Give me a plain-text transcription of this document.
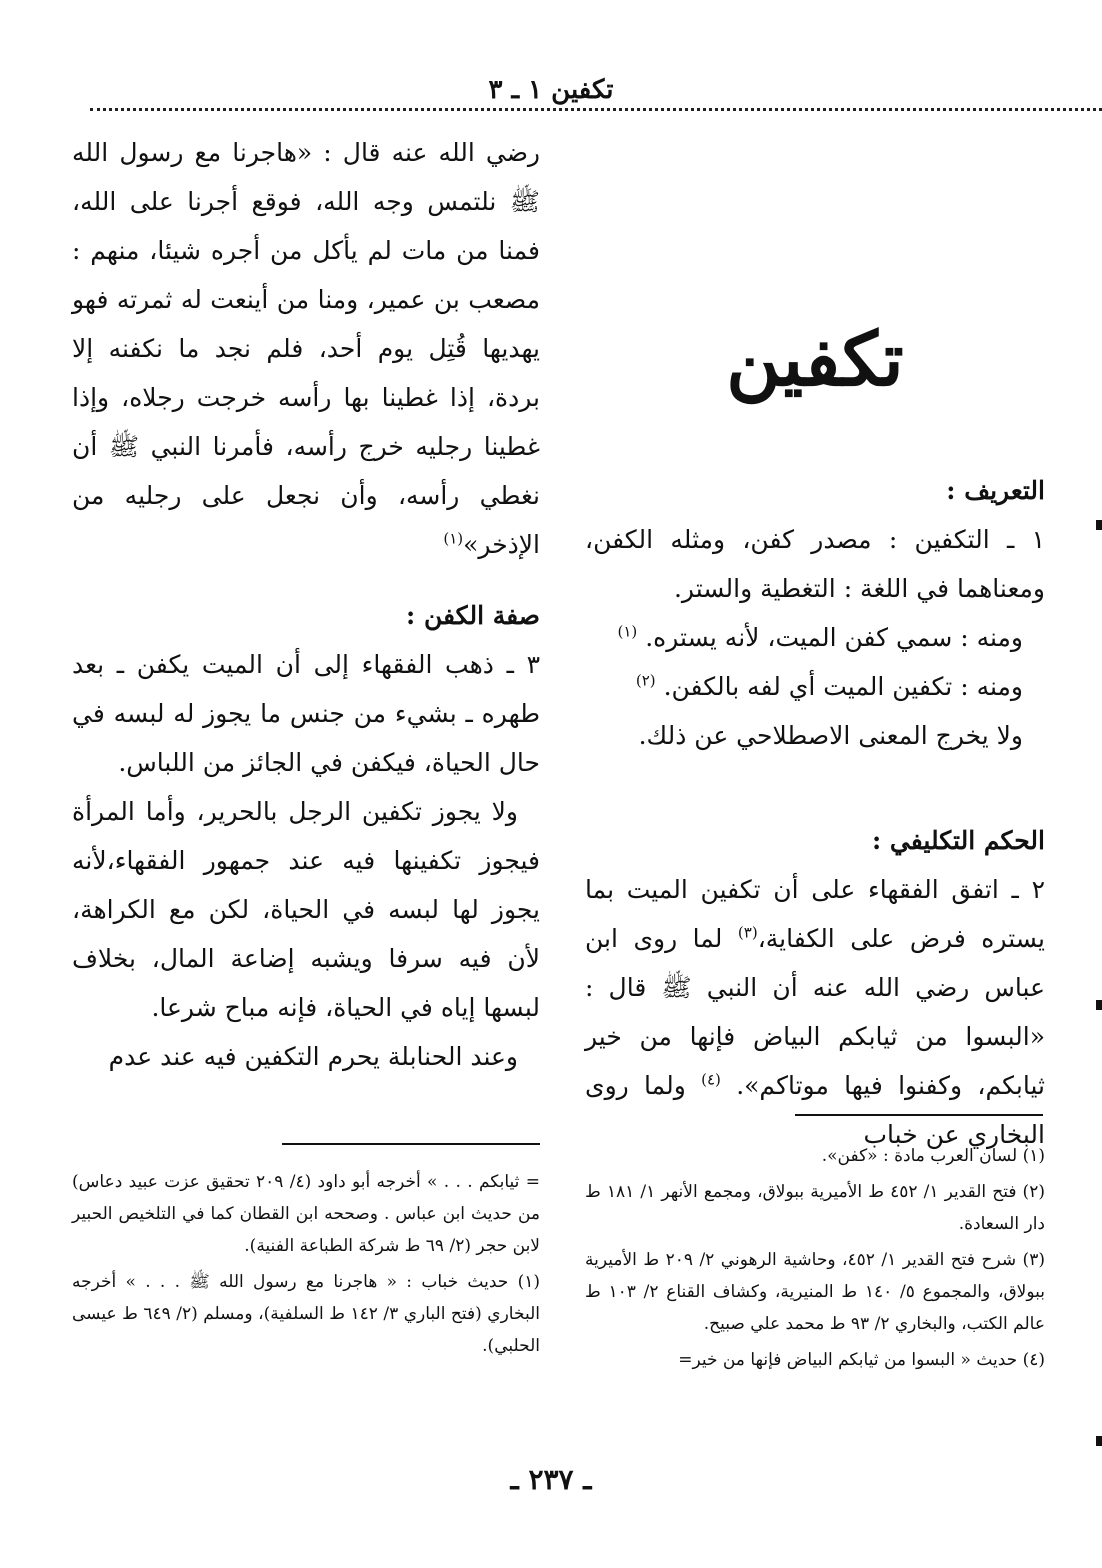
تكفين ١ ـ ٣
تكفين
التعريف :

١ ـ التكفين : مصدر كفن، ومثله الكفن، ومعناهما في اللغة : التغطية والستر.

ومنه : سمي كفن الميت، لأنه يستره. $^{(١)}$

ومنه : تكفين الميت أي لفه بالكفن. $^{(٢)}$

ولا يخرج المعنى الاصطلاحي عن ذلك.

الحكم التكليفي :

٢ ـ اتفق الفقهاء على أن تكفين الميت بما يستره فرض على الكفاية،$^{(٣)}$ لما روى ابن عباس رضي الله عنه أن النبي ﷺ قال : «البسوا من ثيابكم البياض فإنها من خير ثيابكم، وكفنوا فيها موتاكم». $^{(٤)}$ ولما روى البخاري عن خباب

رضي الله عنه قال : «هاجرنا مع رسول الله ﷺ نلتمس وجه الله، فوقع أجرنا على الله، فمنا من مات لم يأكل من أجره شيئا، منهم : مصعب بن عمير، ومنا من أينعت له ثمرته فهو يهديها قُتِل يوم أحد، فلم نجد ما نكفنه إلا بردة، إذا غطينا بها رأسه خرجت رجلاه، وإذا غطينا رجليه خرج رأسه، فأمرنا النبي ﷺ أن نغطي رأسه، وأن نجعل على رجليه من الإذخر»$^{(١)}$

صفة الكفن :

٣ ـ ذهب الفقهاء إلى أن الميت يكفن ـ بعد طهره ـ بشيء من جنس ما يجوز له لبسه في حال الحياة، فيكفن في الجائز من اللباس.

ولا يجوز تكفين الرجل بالحرير، وأما المرأة فيجوز تكفينها فيه عند جمهور الفقهاء،لأنه يجوز لها لبسه في الحياة، لكن مع الكراهة، لأن فيه سرفا ويشبه إضاعة المال، بخلاف لبسها إياه في الحياة، فإنه مباح شرعا.

وعند الحنابلة يحرم التكفين فيه عند عدم

(١) لسان العرب مادة : «كفن».

(٢) فتح القدير ١/ ٤٥٢ ط الأميرية ببولاق، ومجمع الأنهر ١/ ١٨١ ط دار السعادة.

(٣) شرح فتح القدير ١/ ٤٥٢، وحاشية الرهوني ٢/ ٢٠٩ ط الأميرية ببولاق، والمجموع ٥/ ١٤٠ ط المنيرية، وكشاف القناع ٢/ ١٠٣ ط عالم الكتب، والبخاري ٢/ ٩٣ ط محمد علي صبيح.

(٤) حديث « البسوا من ثيابكم البياض فإنها من خير=

= ثيابكم . . . » أخرجه أبو داود (٤/ ٢٠٩ تحقيق عزت عبيد دعاس) من حديث ابن عباس . وصححه ابن القطان كما في التلخيص الحبير لابن حجر (٢/ ٦٩ ط شركة الطباعة الفنية).

(١) حديث خباب : « هاجرنا مع رسول الله ﷺ . . . » أخرجه البخاري (فتح الباري ٣/ ١٤٢ ط السلفية)، ومسلم (٢/ ٦٤٩ ط عيسى الحلبي).

ـ ٢٣٧ ـ
